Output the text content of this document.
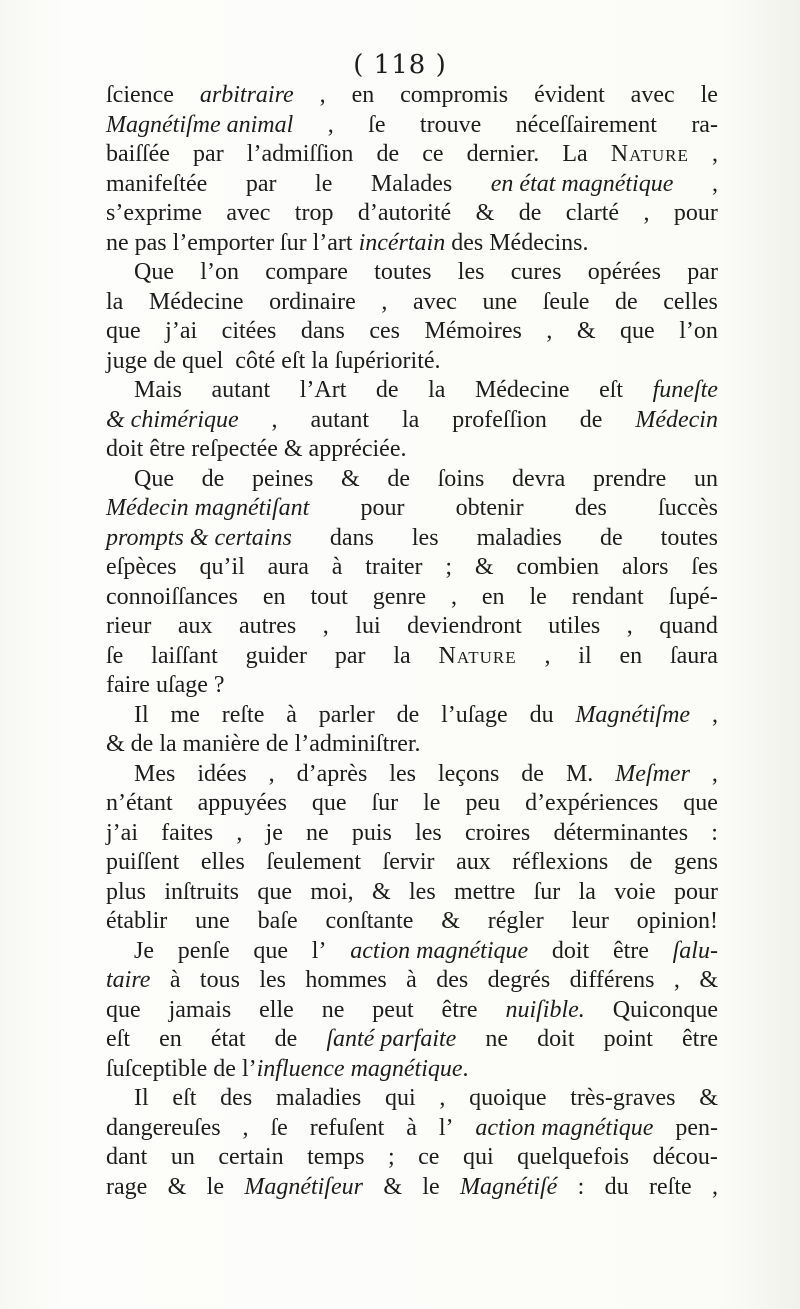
( 118 )
ſcience arbitraire , en compromis évident avec le
Magnétiſme animal , ſe trouve néceſſairement ra-
baiſſée par l’admiſſion de ce dernier. La Nature ,
manifeſtée par le Malades en état magnétique ,
s’exprime avec trop d’autorité & de clarté , pour
ne pas l’emporter ſur l’art incértain des Médecins.
Que l’on compare toutes les cures opérées par
la Médecine ordinaire , avec une ſeule de celles
que j’ai citées dans ces Mémoires , & que l’on
juge de quel  côté eſt la ſupériorité.
Mais autant l’Art de la Médecine eſt funeſte
& chimérique , autant la profeſſion de Médecin
doit être reſpectée & appréciée.
Que de peines & de ſoins devra prendre un
Médecin magnétiſant pour obtenir des ſuccès
prompts & certains dans les maladies de toutes
eſpèces qu’il aura à traiter ; & combien alors ſes
connoiſſances en tout genre , en le rendant ſupé-
rieur aux autres , lui deviendront utiles , quand
ſe laiſſant guider par la Nature , il en ſaura
faire uſage ?
Il me reſte à parler de l’uſage du Magnétiſme ,
& de la manière de l’adminiſtrer.
Mes idées , d’après les leçons de M. Meſmer ,
n’étant appuyées que ſur le peu d’expériences que
j’ai faites , je ne puis les croires déterminantes :
puiſſent elles ſeulement ſervir aux réflexions de gens
plus inſtruits que moi, & les mettre ſur la voie pour
établir une baſe conſtante & régler leur opinion!
Je penſe que l’ action magnétique doit être ſalu-
taire à tous les hommes à des degrés différens , &
que jamais elle ne peut être nuiſible. Quiconque
eſt en état de ſanté parfaite ne doit point être
ſuſceptible de l’ influence magnétique .
Il eſt des maladies qui , quoique très-graves &
dangereuſes , ſe refuſent à l’ action magnétique pen-
dant un certain temps ; ce qui quelquefois décou-
rage & le Magnétiſeur & le Magnétiſé : du reſte ,
